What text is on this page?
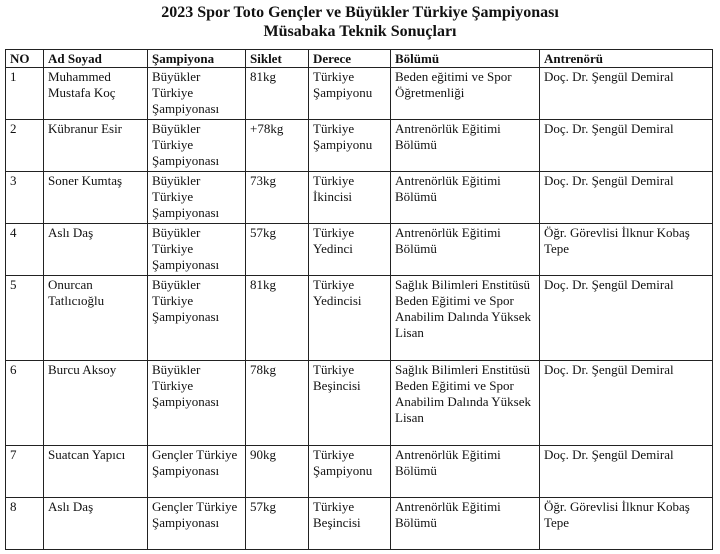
2023 Spor Toto Gençler ve Büyükler Türkiye Şampiyonası
Müsabaka Teknik Sonuçları
NO	Ad Soyad	Şampiyona	Siklet	Derece	Bölümü	Antrenörü
1	Muhammed Mustafa Koç	Büyükler Türkiye Şampiyonası	81kg	Türkiye Şampiyonu	Beden eğitimi ve Spor Öğretmenliği	Doç. Dr. Şengül Demiral
2	Kübranur Esir	Büyükler Türkiye Şampiyonası	+78kg	Türkiye Şampiyonu	Antrenörlük Eğitimi Bölümü	Doç. Dr. Şengül Demiral
3	Soner Kumtaş	Büyükler Türkiye Şampiyonası	73kg	Türkiye İkincisi	Antrenörlük Eğitimi Bölümü	Doç. Dr. Şengül Demiral
4	Aslı Daş	Büyükler Türkiye Şampiyonası	57kg	Türkiye Yedinci	Antrenörlük Eğitimi Bölümü	Öğr. Görevlisi İlknur Kobaş Tepe
5	Onurcan Tatlıcıoğlu	Büyükler Türkiye Şampiyonası	81kg	Türkiye Yedincisi	Sağlık Bilimleri Enstitüsü Beden Eğitimi ve Spor Anabilim Dalında Yüksek Lisan	Doç. Dr. Şengül Demiral
6	Burcu Aksoy	Büyükler Türkiye Şampiyonası	78kg	Türkiye Beşincisi	Sağlık Bilimleri Enstitüsü Beden Eğitimi ve Spor Anabilim Dalında Yüksek Lisan	Doç. Dr. Şengül Demiral
7	Suatcan Yapıcı	Gençler Türkiye Şampiyonası	90kg	Türkiye Şampiyonu	Antrenörlük Eğitimi Bölümü	Doç. Dr. Şengül Demiral
8	Aslı Daş	Gençler Türkiye Şampiyonası	57kg	Türkiye Beşincisi	Antrenörlük Eğitimi Bölümü	Öğr. Görevlisi İlknur Kobaş Tepe
